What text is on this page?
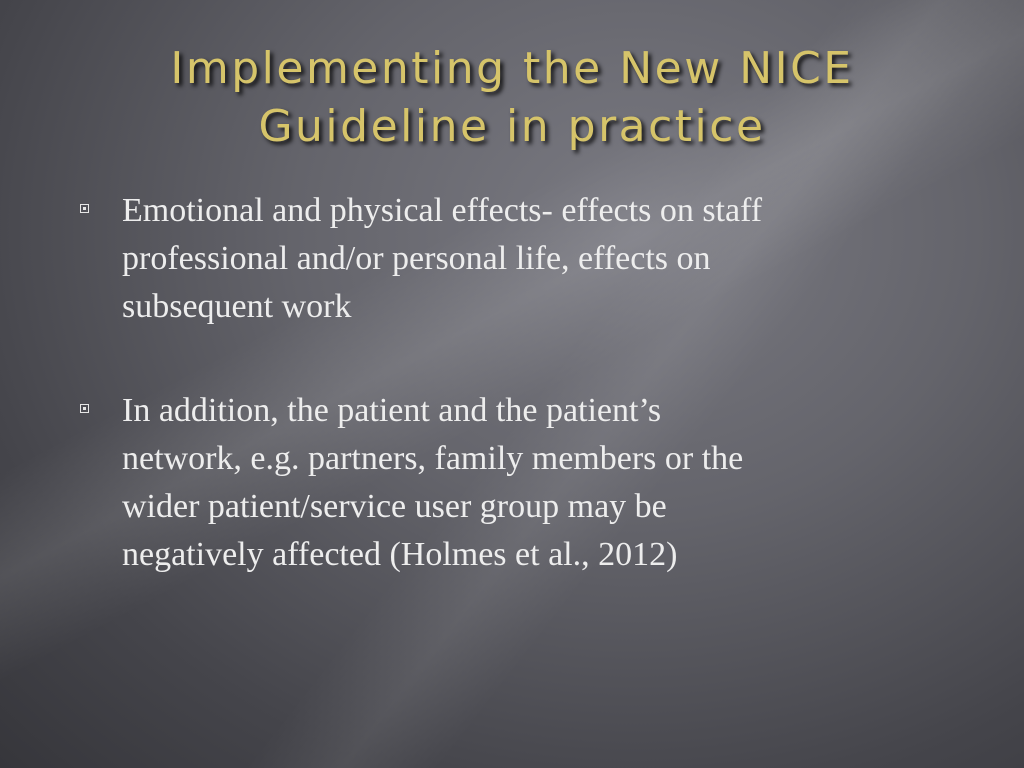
Implementing the New NICE
Guideline in practice
Emotional and physical effects- effects on staff
professional and/or personal life, effects on
subsequent work
In addition, the patient and the patient’s
network, e.g. partners, family members or the
wider patient/service user group may be
negatively affected (Holmes et al., 2012)
